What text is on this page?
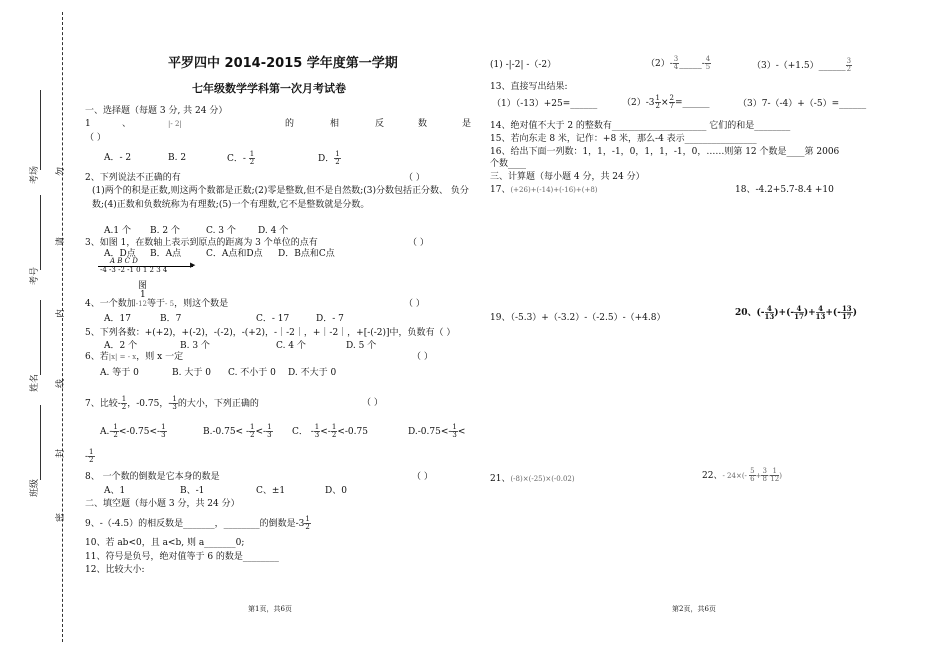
考场
考号
姓名
班级
勿
请
内
线
封
密
平罗四中 2014-2015 学年度第一学期
七年级数学学科第一次月考试卷
一、选择题（每题 3 分, 共 24 分）
1	、	|- 2|	的	相	反	数	是
（ ）
A．- 2	B. 2	C．- $\frac{1}{2}$	D． $\frac{1}{2}$
2、下列说法不正确的有	（ ）
(1)两个的积是正数,则这两个数都是正数;(2)零是整数,但不是自然数;(3)分数包括正分数、 负分数;(4)正数和负数统称为有理数;(5)一个有理数,它不是整数就是分数。
A.1 个 B. 2 个	C. 3 个 D. 4 个
3、如图 1，在数轴上表示到原点的距离为 3 个单位的点有	（ ）
A．D点 B．A点	C．A点和D点 D．B点和C点
A B C D	▶
-4 -3 -2 -1 0 1 2 3 4
图
1
4、一个数加-12等于- 5，则这个数是	（ ）
A．17	B．7	C．- 17	D．- 7
5、下列各数：+(+2)，+(-2)，-(-2)，-(+2)，-｜-2｜，+｜-2｜，+[-(-2)]中，负数有（ ）
A．2 个	B. 3 个	C. 4 个	D. 5 个
6、若|x| = - x，则 x 一定	（ ）
A. 等于 0	B. 大于 0 C. 不小于 0 D. 不大于 0
7、比较- $\frac{1}{2}$ ，-0.75，- $\frac{1}{3}$ 的大小，下列正确的	（ ）
$A.- \frac{1}{2} <-0.75<- \frac{1}{3}$	$B.-0.75< - \frac{1}{2} <- \frac{1}{3}$ C． - $\frac{1}{3} <- \frac{1}{2} <-0.75$	$D.-0.75<- \frac{1}{3}$ <
- $\frac{1}{2}$
8、 一个数的倒数是它本身的数是	（ ）
A、1	B、-1	C、±1	D、0
二、填空题（每小题 3 分，共 24 分）
9、-（-4.5）的相反数是_______，________的倒数是$-3 \frac{1}{2}$
10、若 ab<0，且 a<b, 则 a_______0;
11、符号是负号，绝对值等于 6 的数是________
12、比较大小:
(1) -|-2| -（-2）	$(2)- \frac{3}{4}$ _____- $\frac{4}{5}$	（3）-（+1.5）______ $\frac{3}{2}$
13、直接写出结果:
（1）（-13）+25=______	$(2)-3 \frac{1}{2} \times \frac{2}{7}$ =______	（3）7-（-4）+（-5）=______
14、绝对值不大于 2 的整数有_____________________ 它们的和是________
15、若向东走 8 米，记作：+8 米，那么-4 表示________________
16、给出下面一列数：1，1，-1，0，1，1，-1，0，……则第 12 个数是____第 2006
个数____
三、计算题（每小题 4 分，共 24 分）
17、(+26)+(-14)+(-16)+(+8)	18、-4.2+5.7-8.4 +10
19、（-5.3）+（-3.2）-（-2.5）-（+4.8）	20、(- $\frac{4}{13}$ )+(- $\frac{4}{17}$ )+ $\frac{4}{13}$ +(- $\frac{13}{17}$ )
21、(-8)×(-25)×(-0.02)	22、- $24\times(- \frac{5}{6} + \frac{3}{8} - \frac{1}{12}$ )
第1页，共6页	第2页，共6页
